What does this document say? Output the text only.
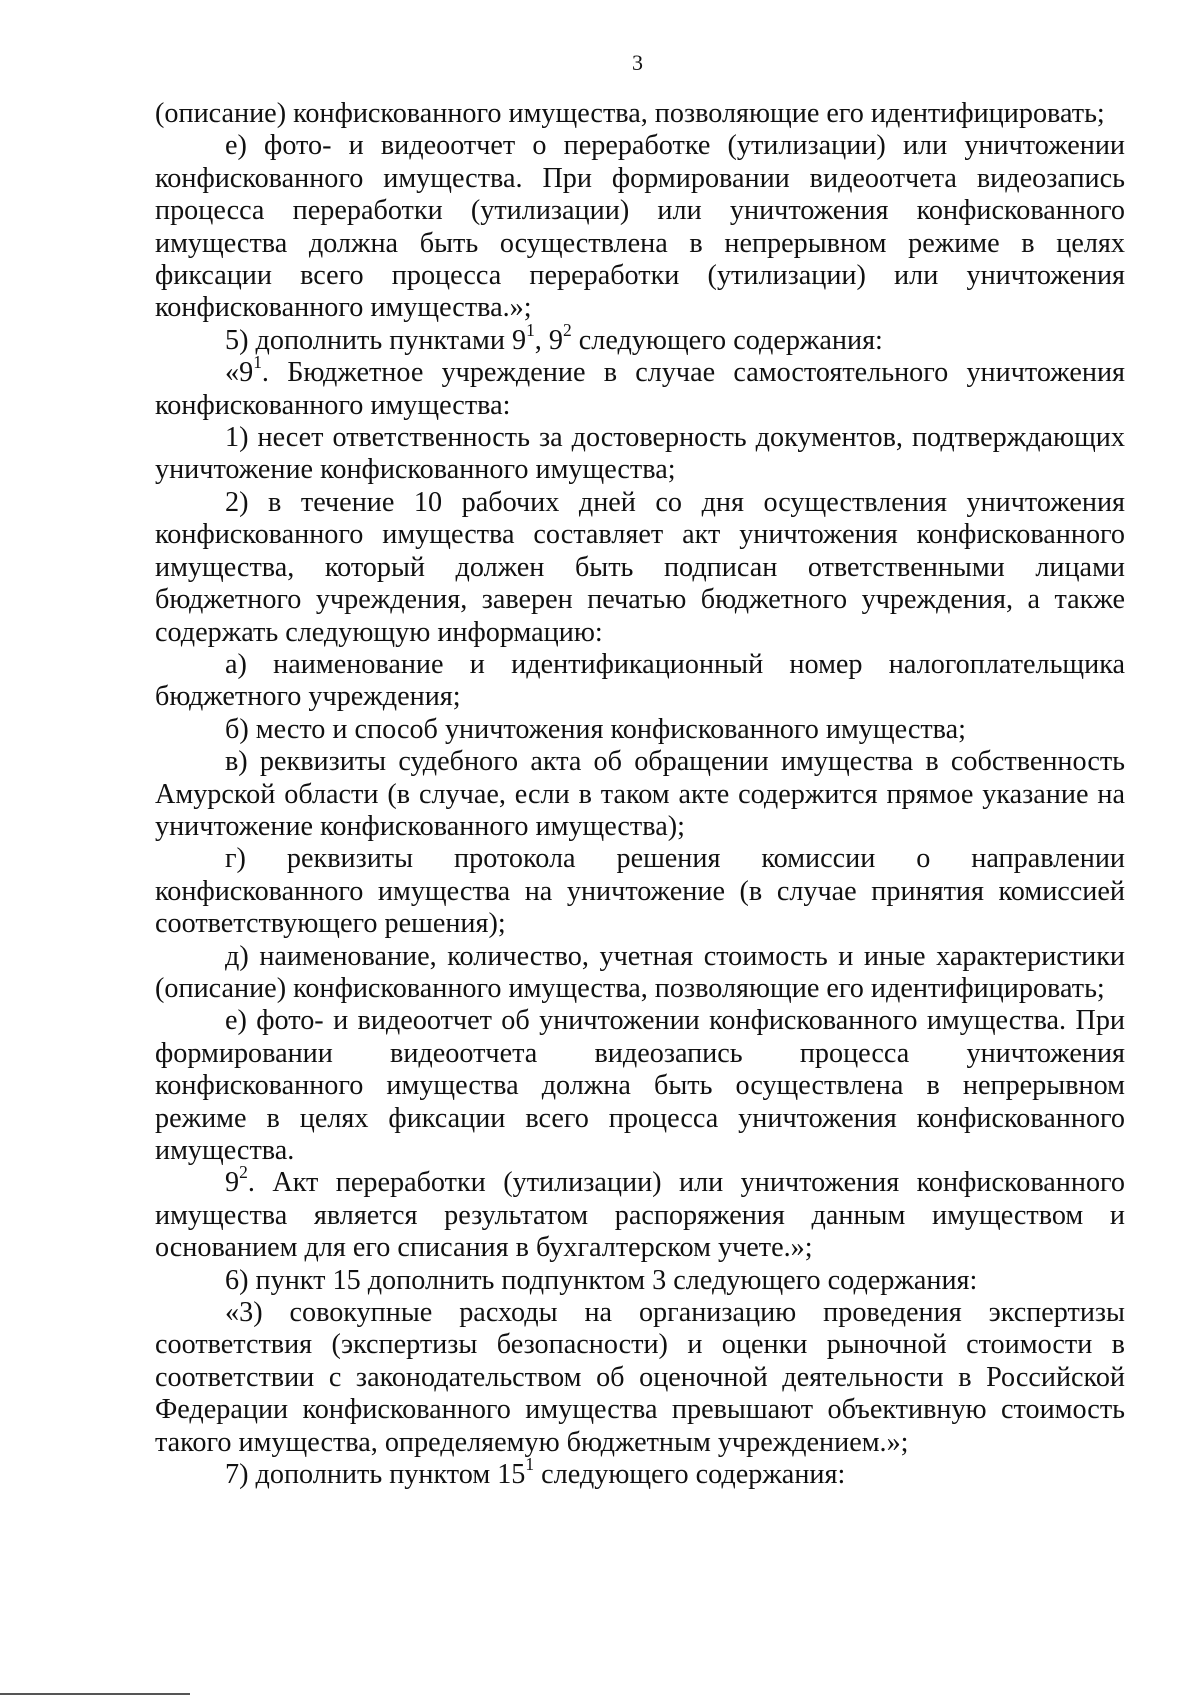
3

(описание) конфискованного имущества, позволяющие его идентифицировать;

е) фото- и видеоотчет о переработке (утилизации) или уничтожении конфискованного имущества. При формировании видеоотчета видеозапись процесса переработки (утилизации) или уничтожения конфискованного имущества должна быть осуществлена в непрерывном режиме в целях фиксации всего процесса переработки (утилизации) или уничтожения конфискованного имущества.»;

5) дополнить пунктами $9^1$, $9^2$ следующего содержания:

«$9^1$. Бюджетное учреждение в случае самостоятельного уничтожения конфискованного имущества:

1) несет ответственность за достоверность документов, подтверждающих уничтожение конфискованного имущества;

2) в течение 10 рабочих дней со дня осуществления уничтожения конфискованного имущества составляет акт уничтожения конфискованного имущества, который должен быть подписан ответственными лицами бюджетного учреждения, заверен печатью бюджетного учреждения, а также содержать следующую информацию:

а) наименование и идентификационный номер налогоплательщика бюджетного учреждения;

б) место и способ уничтожения конфискованного имущества;

в) реквизиты судебного акта об обращении имущества в собственность Амурской области (в случае, если в таком акте содержится прямое указание на уничтожение конфискованного имущества);

г) реквизиты протокола решения комиссии о направлении конфискованного имущества на уничтожение (в случае принятия комиссией соответствующего решения);

д) наименование, количество, учетная стоимость и иные характеристики (описание) конфискованного имущества, позволяющие его идентифицировать;

е) фото- и видеоотчет об уничтожении конфискованного имущества. При формировании видеоотчета видеозапись процесса уничтожения конфискованного имущества должна быть осуществлена в непрерывном режиме в целях фиксации всего процесса уничтожения конфискованного имущества.

$9^2$. Акт переработки (утилизации) или уничтожения конфискованного имущества является результатом распоряжения данным имуществом и основанием для его списания в бухгалтерском учете.»;

6) пункт 15 дополнить подпунктом 3 следующего содержания:

«3) совокупные расходы на организацию проведения экспертизы соответствия (экспертизы безопасности) и оценки рыночной стоимости в соответствии с законодательством об оценочной деятельности в Российской Федерации конфискованного имущества превышают объективную стоимость такого имущества, определяемую бюджетным учреждением.»;

7) дополнить пунктом $15^1$ следующего содержания:
